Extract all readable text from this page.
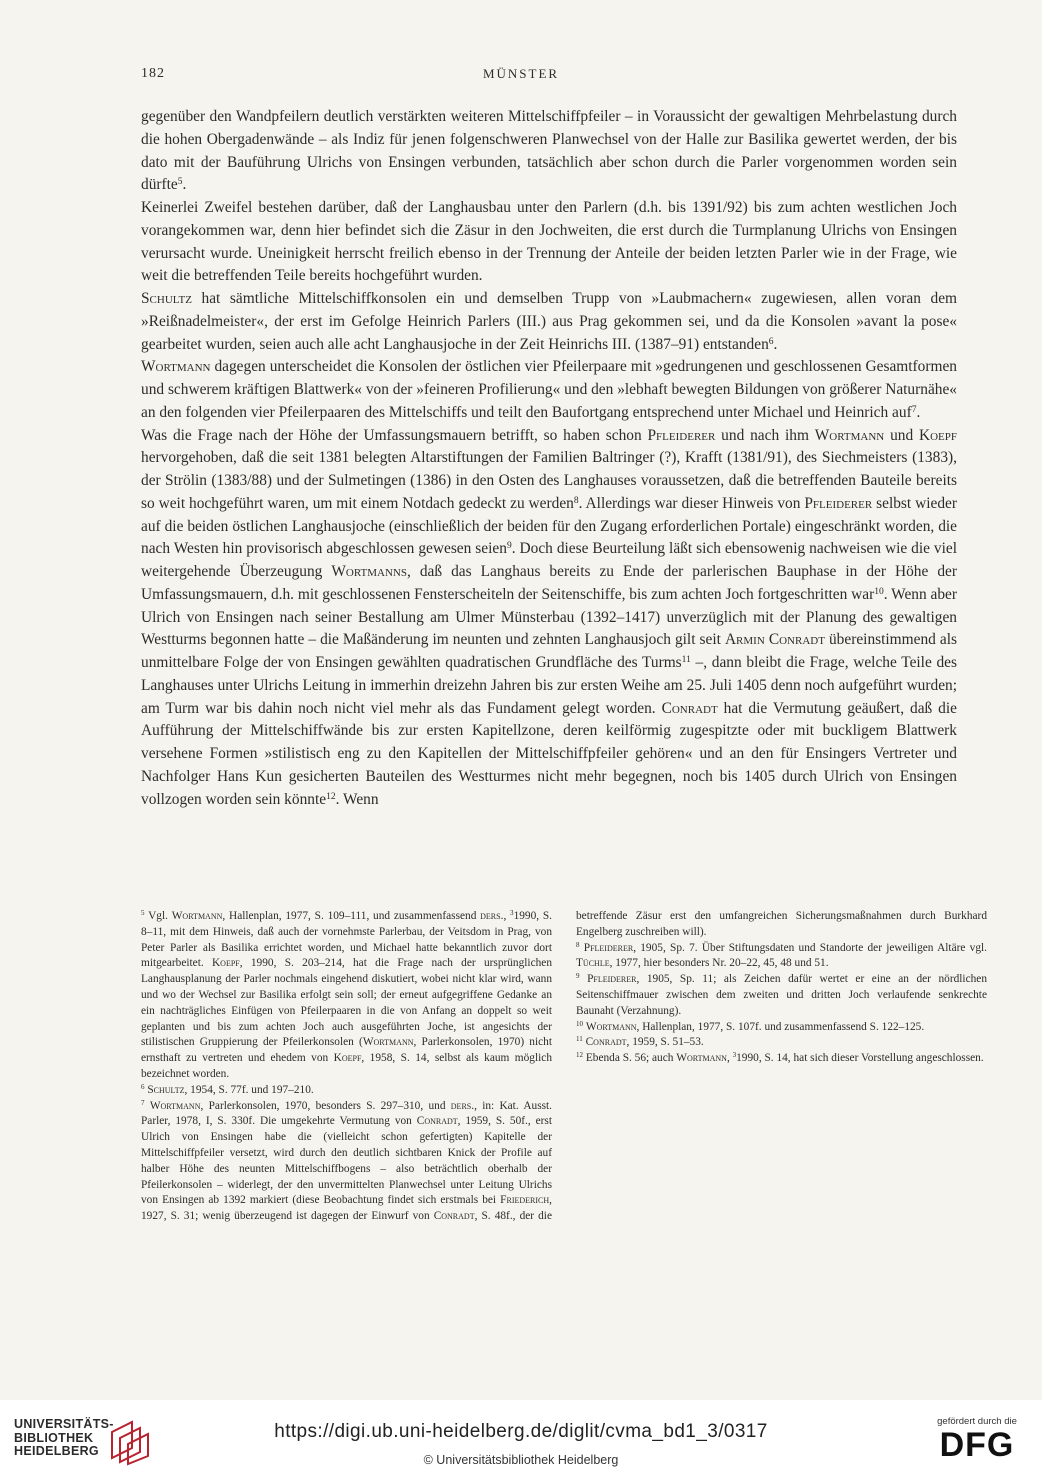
182	MÜNSTER

gegenüber den Wandpfeilern deutlich verstärkten weiteren Mittelschiffpfeiler – in Voraussicht der gewaltigen Mehrbelastung durch die hohen Obergadenwände – als Indiz für jenen folgenschweren Planwechsel von der Halle zur Basilika gewertet werden, der bis dato mit der Bauführung Ulrichs von Ensingen verbunden, tatsächlich aber schon durch die Parler vorgenommen worden sein dürfte$^5$.

Keinerlei Zweifel bestehen darüber, daß der Langhausbau unter den Parlern (d.h. bis 1391/92) bis zum achten westlichen Joch vorangekommen war, denn hier befindet sich die Zäsur in den Jochweiten, die erst durch die Turmplanung Ulrichs von Ensingen verursacht wurde. Uneinigkeit herrscht freilich ebenso in der Trennung der Anteile der beiden letzten Parler wie in der Frage, wie weit die betreffenden Teile bereits hochgeführt wurden.

Schultz hat sämtliche Mittelschiffkonsolen ein und demselben Trupp von »Laubmachern« zugewiesen, allen voran dem »Reißnadelmeister«, der erst im Gefolge Heinrich Parlers (III.) aus Prag gekommen sei, und da die Konsolen »avant la pose« gearbeitet wurden, seien auch alle acht Langhausjoche in der Zeit Heinrichs III. (1387–91) entstanden$^6$.

Wortmann dagegen unterscheidet die Konsolen der östlichen vier Pfeilerpaare mit »gedrungenen und geschlossenen Gesamtformen und schwerem kräftigen Blattwerk« von der »feineren Profilierung« und den »lebhaft bewegten Bildungen von größerer Naturnähe« an den folgenden vier Pfeilerpaaren des Mittelschiffs und teilt den Baufortgang entsprechend unter Michael und Heinrich auf$^7$.

Was die Frage nach der Höhe der Umfassungsmauern betrifft, so haben schon Pfleiderer und nach ihm Wortmann und Koepf hervorgehoben, daß die seit 1381 belegten Altarstiftungen der Familien Baltringer (?), Krafft (1381/91), des Siechmeisters (1383), der Strölin (1383/88) und der Sulmetingen (1386) in den Osten des Langhauses voraussetzen, daß die betreffenden Bauteile bereits so weit hochgeführt waren, um mit einem Notdach gedeckt zu werden$^8$. Allerdings war dieser Hinweis von Pfleiderer selbst wieder auf die beiden östlichen Langhausjoche (einschließlich der beiden für den Zugang erforderlichen Portale) eingeschränkt worden, die nach Westen hin provisorisch abgeschlossen gewesen seien$^9$. Doch diese Beurteilung läßt sich ebensowenig nachweisen wie die viel weitergehende Überzeugung Wortmanns, daß das Langhaus bereits zu Ende der parlerischen Bauphase in der Höhe der Umfassungsmauern, d.h. mit geschlossenen Fensterscheiteln der Seitenschiffe, bis zum achten Joch fortgeschritten war$^{10}$. Wenn aber Ulrich von Ensingen nach seiner Bestallung am Ulmer Münsterbau (1392–1417) unverzüglich mit der Planung des gewaltigen Westturms begonnen hatte – die Maßänderung im neunten und zehnten Langhausjoch gilt seit Armin Conradt übereinstimmend als unmittelbare Folge der von Ensingen gewählten quadratischen Grundfläche des Turms$^{11}$ –, dann bleibt die Frage, welche Teile des Langhauses unter Ulrichs Leitung in immerhin dreizehn Jahren bis zur ersten Weihe am 25. Juli 1405 denn noch aufgeführt wurden; am Turm war bis dahin noch nicht viel mehr als das Fundament gelegt worden. Conradt hat die Vermutung geäußert, daß die Aufführung der Mittelschiffwände bis zur ersten Kapitellzone, deren keilförmig zugespitzte oder mit buckligem Blattwerk versehene Formen »stilistisch eng zu den Kapitellen der Mittelschiffpfeiler gehören« und an den für Ensingers Vertreter und Nachfolger Hans Kun gesicherten Bauteilen des Westturmes nicht mehr begegnen, noch bis 1405 durch Ulrich von Ensingen vollzogen worden sein könnte$^{12}$. Wenn

$^5$ Vgl. Wortmann, Hallenplan, 1977, S. 109–111, und zusammenfassend ders., $^3$1990, S. 8–11, mit dem Hinweis, daß auch der vornehmste Parlerbau, der Veitsdom in Prag, von Peter Parler als Basilika errichtet worden, und Michael hatte bekanntlich zuvor dort mitgearbeitet. Koepf, 1990, S. 203–214, hat die Frage nach der ursprünglichen Langhausplanung der Parler nochmals eingehend diskutiert, wobei nicht klar wird, wann und wo der Wechsel zur Basilika erfolgt sein soll; der erneut aufgegriffene Gedanke an ein nachträgliches Einfügen von Pfeilerpaaren in die von Anfang an doppelt so weit geplanten und bis zum achten Joch auch ausgeführten Joche, ist angesichts der stilistischen Gruppierung der Pfeilerkonsolen (Wortmann, Parlerkonsolen, 1970) nicht ernsthaft zu vertreten und ehedem von Koepf, 1958, S. 14, selbst als kaum möglich bezeichnet worden.

$^6$ Schultz, 1954, S. 77f. und 197–210.

$^7$ Wortmann, Parlerkonsolen, 1970, besonders S. 297–310, und ders., in: Kat. Ausst. Parler, 1978, I, S. 330f. Die umgekehrte Vermutung von Conradt, 1959, S. 50f., erst Ulrich von Ensingen habe die (vielleicht schon gefertigten) Kapitelle der Mittelschiffpfeiler versetzt, wird durch den deutlich sichtbaren Knick der Profile auf halber Höhe des neunten Mittelschiffbogens – also beträchtlich oberhalb der Pfeilerkonsolen – widerlegt, der den unvermittelten Planwechsel unter Leitung Ulrichs von Ensingen ab 1392 markiert (diese Beobachtung findet sich erstmals bei Friederich, 1927, S. 31; wenig überzeugend ist dagegen der Einwurf von Conradt, S. 48f., der die betreffende Zäsur erst den umfangreichen Sicherungsmaßnahmen durch Burkhard Engelberg zuschreiben will).

$^8$ Pfleiderer, 1905, Sp. 7. Über Stiftungsdaten und Standorte der jeweiligen Altäre vgl. Tüchle, 1977, hier besonders Nr. 20–22, 45, 48 und 51.

$^9$ Pfleiderer, 1905, Sp. 11; als Zeichen dafür wertet er eine an der nördlichen Seitenschiffmauer zwischen dem zweiten und dritten Joch verlaufende senkrechte Baunaht (Verzahnung).

$^{10}$ Wortmann, Hallenplan, 1977, S. 107f. und zusammenfassend S. 122–125.

$^{11}$ Conradt, 1959, S. 51–53.

$^{12}$ Ebenda S. 56; auch Wortmann, $^3$1990, S. 14, hat sich dieser Vorstellung angeschlossen.

UNIVERSITÄTS-
BIBLIOTHEK
HEIDELBERG
https://digi.ub.uni-heidelberg.de/diglit/cvma_bd1_3/0317
© Universitätsbibliothek Heidelberg
gefördert durch die
DFG
